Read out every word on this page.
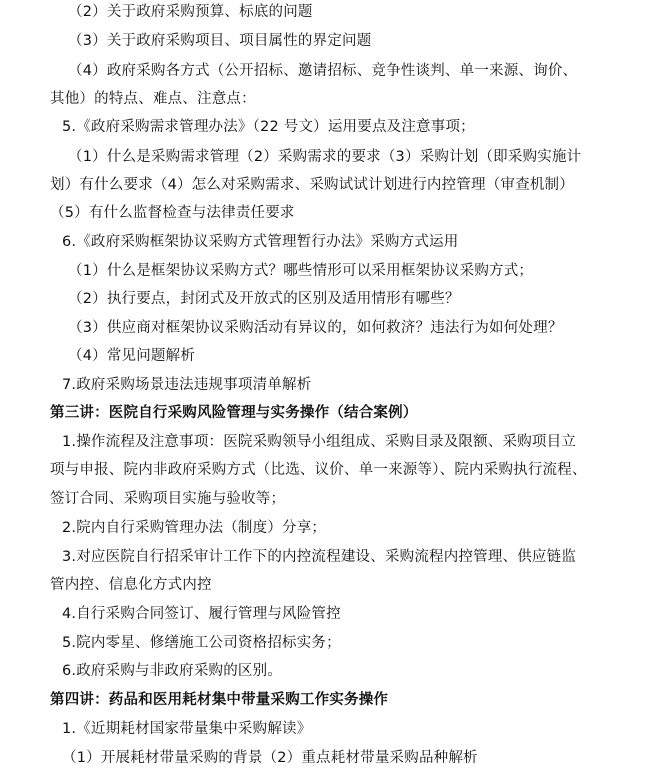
（2）关于政府采购预算、标底的问题
（3）关于政府采购项目、项目属性的界定问题
（4）政府采购各方式（公开招标、邀请招标、竞争性谈判、单一来源、询价、
其他）的特点、难点、注意点：
5.《政府采购需求管理办法》（22 号文）运用要点及注意事项；
（1）什么是采购需求管理（2）采购需求的要求（3）采购计划（即采购实施计
划）有什么要求（4）怎么对采购需求、采购试试计划进行内控管理（审查机制）
（5）有什么监督检查与法律责任要求
6.《政府采购框架协议采购方式管理暂行办法》采购方式运用
（1）什么是框架协议采购方式？哪些情形可以采用框架协议采购方式；
（2）执行要点，封闭式及开放式的区别及适用情形有哪些？
（3）供应商对框架协议采购活动有异议的，如何救济？违法行为如何处理？
（4）常见问题解析
7.政府采购场景违法违规事项清单解析
第三讲：医院自行采购风险管理与实务操作（结合案例）
1.操作流程及注意事项：医院采购领导小组组成、采购目录及限额、采购项目立
项与申报、院内非政府采购方式（比选、议价、单一来源等）、院内采购执行流程、
签订合同、采购项目实施与验收等；
2.院内自行采购管理办法（制度）分享；
3.对应医院自行招采审计工作下的内控流程建设、采购流程内控管理、供应链监
管内控、信息化方式内控
4.自行采购合同签订、履行管理与风险管控
5.院内零星、修缮施工公司资格招标实务；
6.政府采购与非政府采购的区别。
第四讲：药品和医用耗材集中带量采购工作实务操作
1.《近期耗材国家带量集中采购解读》
（1）开展耗材带量采购的背景（2）重点耗材带量采购品种解析
